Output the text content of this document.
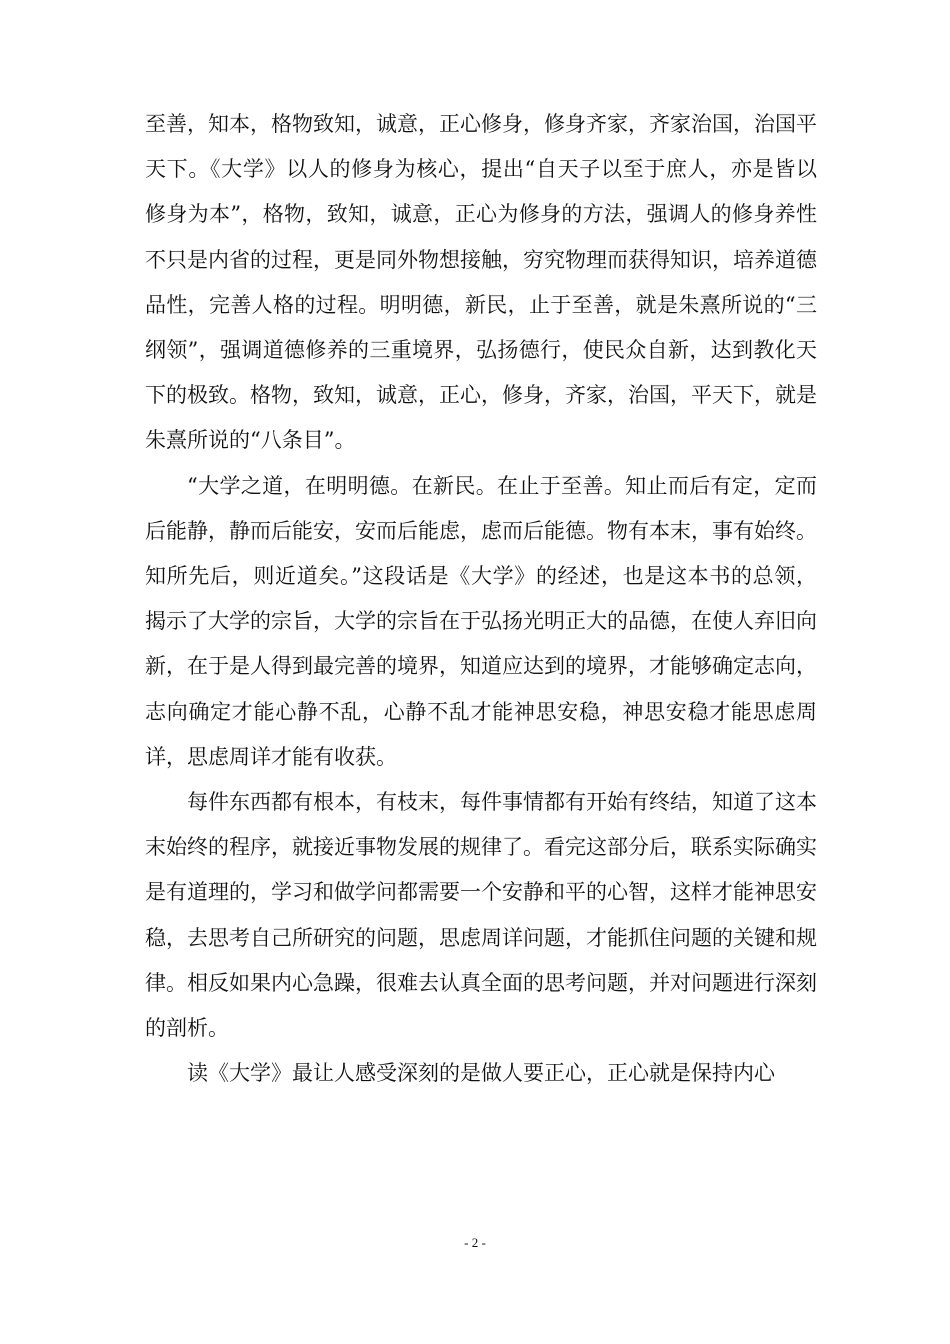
至善，知本，格物致知，诚意，正心修身，修身齐家，齐家治国，治国平天下。《大学》以人的修身为核心，提出“自天子以至于庶人，亦是皆以修身为本”，格物，致知，诚意，正心为修身的方法，强调人的修身养性不只是内省的过程，更是同外物想接触，穷究物理而获得知识，培养道德品性，完善人格的过程。明明德，新民，止于至善，就是朱熹所说的“三纲领”，强调道德修养的三重境界，弘扬德行，使民众自新，达到教化天下的极致。格物，致知，诚意，正心，修身，齐家，治国，平天下，就是朱熹所说的“八条目”。

“大学之道，在明明德。在新民。在止于至善。知止而后有定，定而后能静，静而后能安，安而后能虑，虑而后能德。物有本末，事有始终。知所先后，则近道矣。”这段话是《大学》的经述，也是这本书的总领，揭示了大学的宗旨，大学的宗旨在于弘扬光明正大的品德，在使人弃旧向新，在于是人得到最完善的境界，知道应达到的境界，才能够确定志向，志向确定才能心静不乱，心静不乱才能神思安稳，神思安稳才能思虑周详，思虑周详才能有收获。

每件东西都有根本，有枝末，每件事情都有开始有终结，知道了这本末始终的程序，就接近事物发展的规律了。看完这部分后，联系实际确实是有道理的，学习和做学问都需要一个安静和平的心智，这样才能神思安稳，去思考自己所研究的问题，思虑周详问题，才能抓住问题的关键和规律。相反如果内心急躁，很难去认真全面的思考问题，并对问题进行深刻的剖析。

读《大学》最让人感受深刻的是做人要正心，正心就是保持内心

- 2 -
